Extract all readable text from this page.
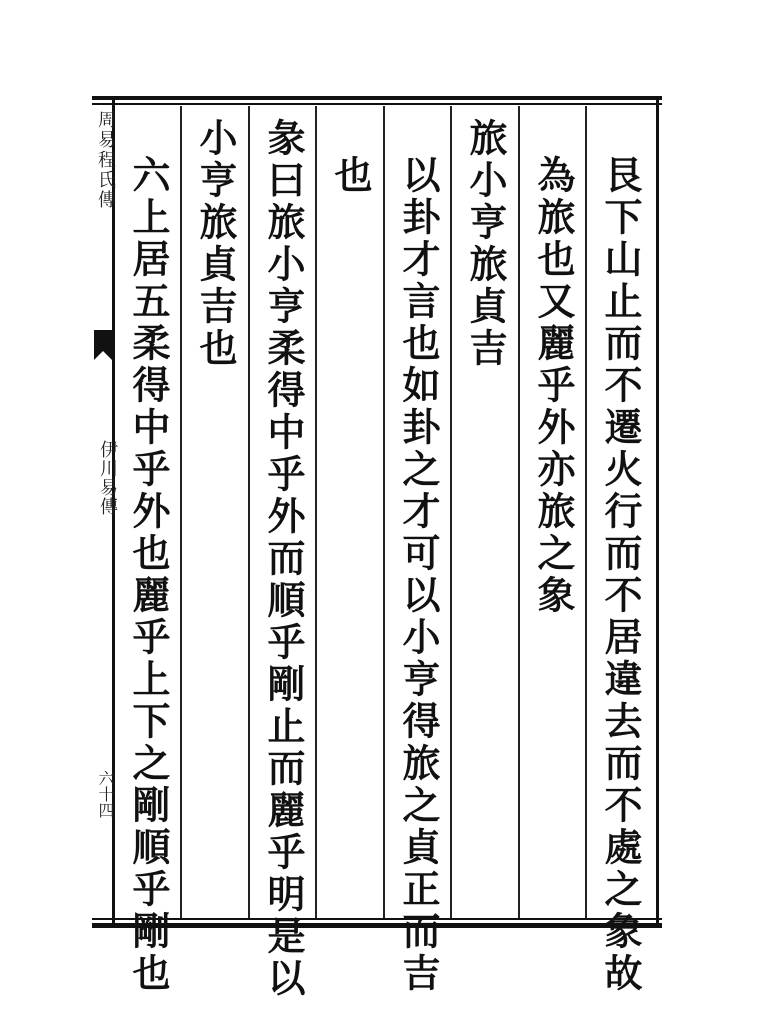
艮下山止而不遷火行而不居違去而不處之象故
為旅也又麗乎外亦旅之象
旅小亨旅貞吉
以卦才言也如卦之才可以小亨得旅之貞正而吉
也
彖曰旅小亨柔得中乎外而順乎剛止而麗乎明是以
小亨旅貞吉也
六上居五柔得中乎外也麗乎上下之剛順乎剛也
周易程氏傳
伊川易傳
六十四
